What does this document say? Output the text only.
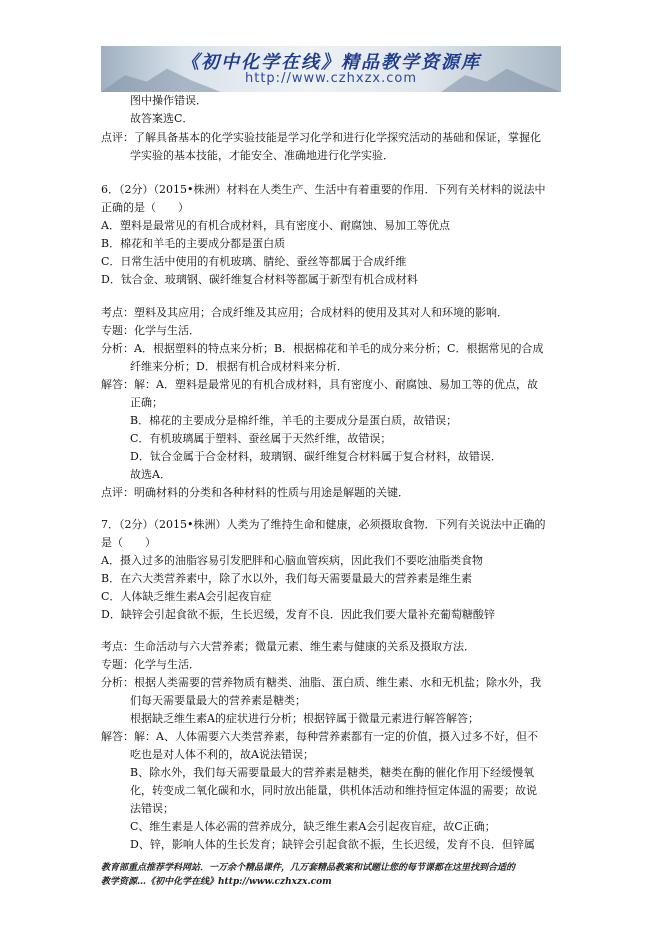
《初中化学在线》精品教学资源库
http://www.czhxzx.com
图中操作错误．
故答案选C．
点评：了解具备基本的化学实验技能是学习化学和进行化学探究活动的基础和保证，掌握化
学实验的基本技能，才能安全、准确地进行化学实验．
6．（2分）（2015•株洲）材料在人类生产、生活中有着重要的作用．下列有关材料的说法中
正确的是（　　）
A．塑料是最常见的有机合成材料，具有密度小、耐腐蚀、易加工等优点
B．棉花和羊毛的主要成分都是蛋白质
C．日常生活中使用的有机玻璃、腈纶、蚕丝等都属于合成纤维
D．钛合金、玻璃钢、碳纤维复合材料等都属于新型有机合成材料
考点：塑料及其应用；合成纤维及其应用；合成材料的使用及其对人和环境的影响．
专题：化学与生活．
分析：A．根据塑料的特点来分析；B．根据棉花和羊毛的成分来分析；C．根据常见的合成
纤维来分析；D．根据有机合成材料来分析．
解答：解：A．塑料是最常见的有机合成材料，具有密度小、耐腐蚀、易加工等的优点，故
正确；
B．棉花的主要成分是棉纤维，羊毛的主要成分是蛋白质，故错误；
C．有机玻璃属于塑料、蚕丝属于天然纤维，故错误；
D．钛合金属于合金材料，玻璃钢、碳纤维复合材料属于复合材料，故错误．
故选A．
点评：明确材料的分类和各种材料的性质与用途是解题的关键．
7．（2分）（2015•株洲）人类为了维持生命和健康，必须摄取食物．下列有关说法中正确的
是（　　）
A．摄入过多的油脂容易引发肥胖和心脑血管疾病，因此我们不要吃油脂类食物
B．在六大类营养素中，除了水以外，我们每天需要量最大的营养素是维生素
C．人体缺乏维生素A会引起夜盲症
D．缺锌会引起食欲不振，生长迟缓，发育不良．因此我们要大量补充葡萄糖酸锌
考点：生命活动与六大营养素；微量元素、维生素与健康的关系及摄取方法．
专题：化学与生活．
分析：根据人类需要的营养物质有糖类、油脂、蛋白质、维生素、水和无机盐；除水外，我
们每天需要量最大的营养素是糖类；
根据缺乏维生素A的症状进行分析；根据锌属于微量元素进行解答解答；
解答：解：A、人体需要六大类营养素，每种营养素都有一定的价值，摄入过多不好，但不
吃也是对人体不利的，故A说法错误；
B、除水外，我们每天需要量最大的营养素是糖类，糖类在酶的催化作用下经缓慢氧
化，转变成二氧化碳和水，同时放出能量，供机体活动和维持恒定体温的需要；故说
法错误；
C、维生素是人体必需的营养成分，缺乏维生素A会引起夜盲症，故C正确；
D、锌，影响人体的生长发育；缺锌会引起食欲不振，生长迟缓，发育不良．但锌属
教育部重点推荐学科网站．一万余个精品课件，几万套精品教案和试题让您的每节课都在这里找到合适的
教学资源…《初中化学在线》http://www.czhxzx.com
